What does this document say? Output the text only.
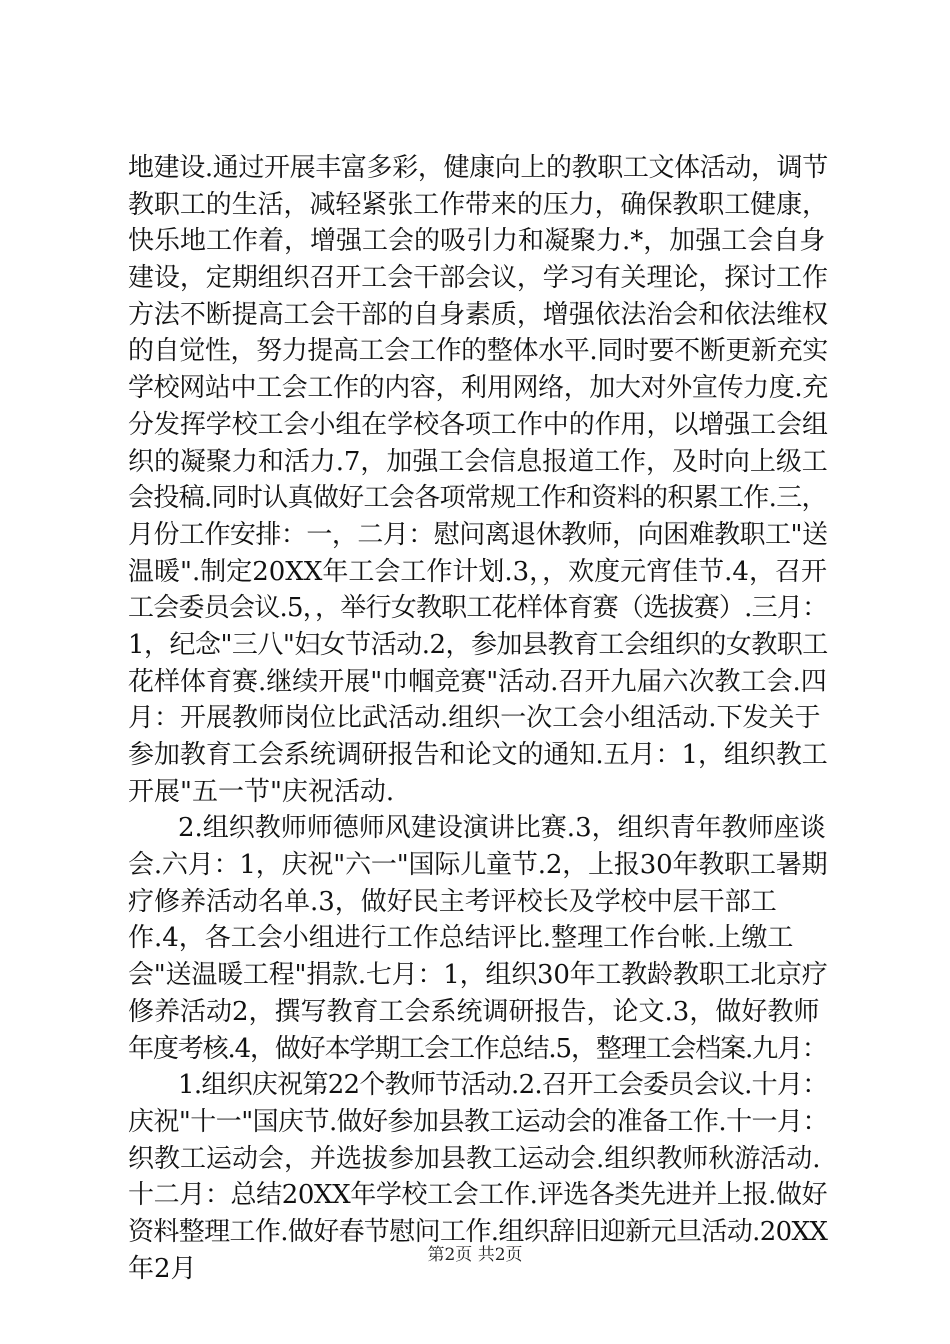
地建设.通过开展丰富多彩，健康向上的教职工文体活动，调节
教职工的生活，减轻紧张工作带来的压力，确保教职工健康，
快乐地工作着，增强工会的吸引力和凝聚力.*，加强工会自身
建设，定期组织召开工会干部会议，学习有关理论，探讨工作
方法不断提高工会干部的自身素质，增强依法治会和依法维权
的自觉性，努力提高工会工作的整体水平.同时要不断更新充实
学校网站中工会工作的内容，利用网络，加大对外宣传力度.充
分发挥学校工会小组在学校各项工作中的作用，以增强工会组
织的凝聚力和活力.7，加强工会信息报道工作，及时向上级工
会投稿.同时认真做好工会各项常规工作和资料的积累工作.三，
月份工作安排：一，二月：慰问离退休教师，向困难教职工"送
温暖".制定20XX年工会工作计划.3，，欢度元宵佳节.4，召开
工会委员会议.5，，举行女教职工花样体育赛（选拔赛）.三月：
1，纪念"三八"妇女节活动.2，参加县教育工会组织的女教职工
花样体育赛.继续开展"巾帼竞赛"活动.召开九届六次教工会.四
月：开展教师岗位比武活动.组织一次工会小组活动.下发关于
参加教育工会系统调研报告和论文的通知.五月：1，组织教工
开展"五一节"庆祝活动.
2.组织教师师德师风建设演讲比赛.3，组织青年教师座谈
会.六月：1，庆祝"六一"国际儿童节.2，上报30年教职工暑期
疗修养活动名单.3，做好民主考评校长及学校中层干部工
作.4，各工会小组进行工作总结评比.整理工作台帐.上缴工
会"送温暖工程"捐款.七月：1，组织30年工教龄教职工北京疗
修养活动2，撰写教育工会系统调研报告，论文.3，做好教师
年度考核.4，做好本学期工会工作总结.5，整理工会档案.九月：
1.组织庆祝第22个教师节活动.2.召开工会委员会议.十月：
庆祝"十一"国庆节.做好参加县教工运动会的准备工作.十一月：
织教工运动会，并选拔参加县教工运动会.组织教师秋游活动.
十二月：总结20XX年学校工会工作.评选各类先进并上报.做好
资料整理工作.做好春节慰问工作.组织辞旧迎新元旦活动.20XX
年2月	第2页 共2页
